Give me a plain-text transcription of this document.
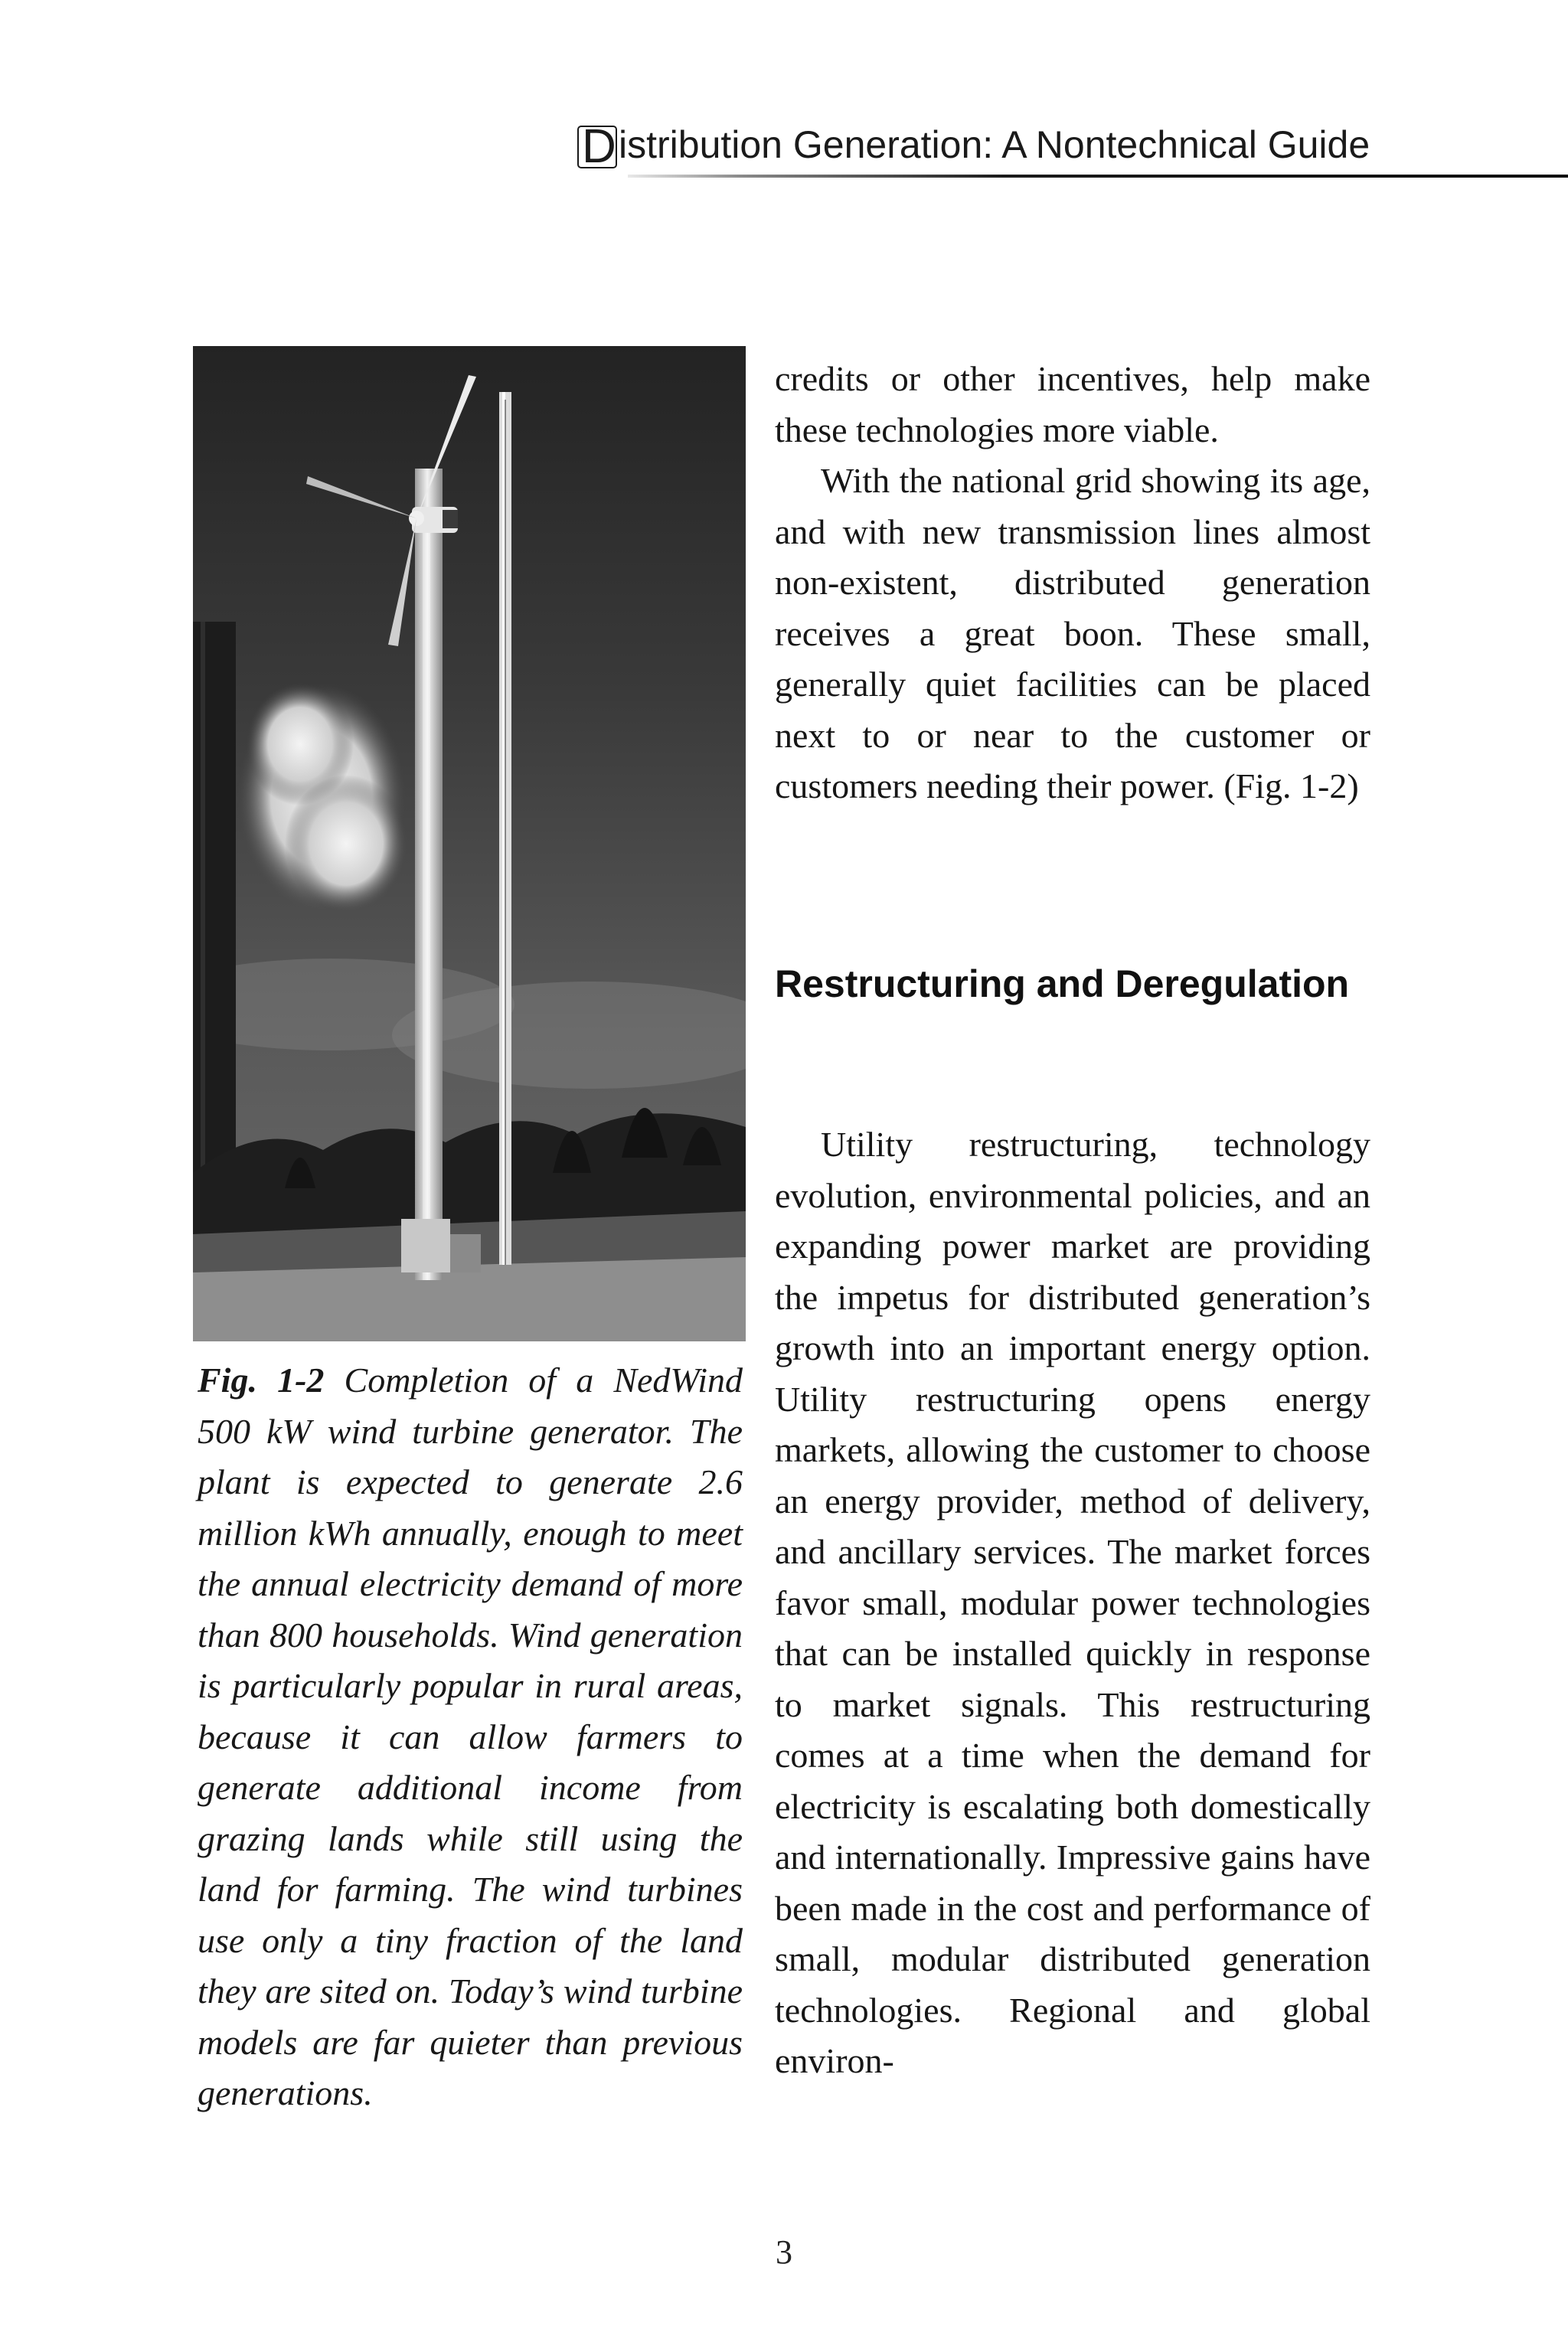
Distribution Generation: A Nontechnical Guide
Fig. 1-2 Completion of a NedWind 500 kW wind turbine generator. The plant is expected to generate 2.6 million kWh annually, enough to meet the annual electricity demand of more than 800 households. Wind generation is particularly popular in rural areas, because it can allow farmers to generate additional income from grazing lands while still using the land for farming. The wind turbines use only a tiny fraction of the land they are sited on. Today’s wind turbine models are far quieter than previous generations.

credits or other incentives, help make these technologies more viable.

With the national grid showing its age, and with new transmission lines almost non-existent, distributed generation receives a great boon. These small, generally quiet facilities can be placed next to or near to the customer or customers needing their power. (Fig. 1-2)

Restructuring and Deregulation

Utility restructuring, technology evolution, environmental policies, and an expanding power market are providing the impetus for distributed generation’s growth into an important energy option. Utility restructuring opens energy markets, allowing the customer to choose an energy provider, method of delivery, and ancillary services. The market forces favor small, modular power technologies that can be installed quickly in response to market signals. This restructuring comes at a time when the demand for electricity is escalating both domestically and internationally. Impressive gains have been made in the cost and performance of small, modular distributed generation technologies. Regional and global environ-

3
